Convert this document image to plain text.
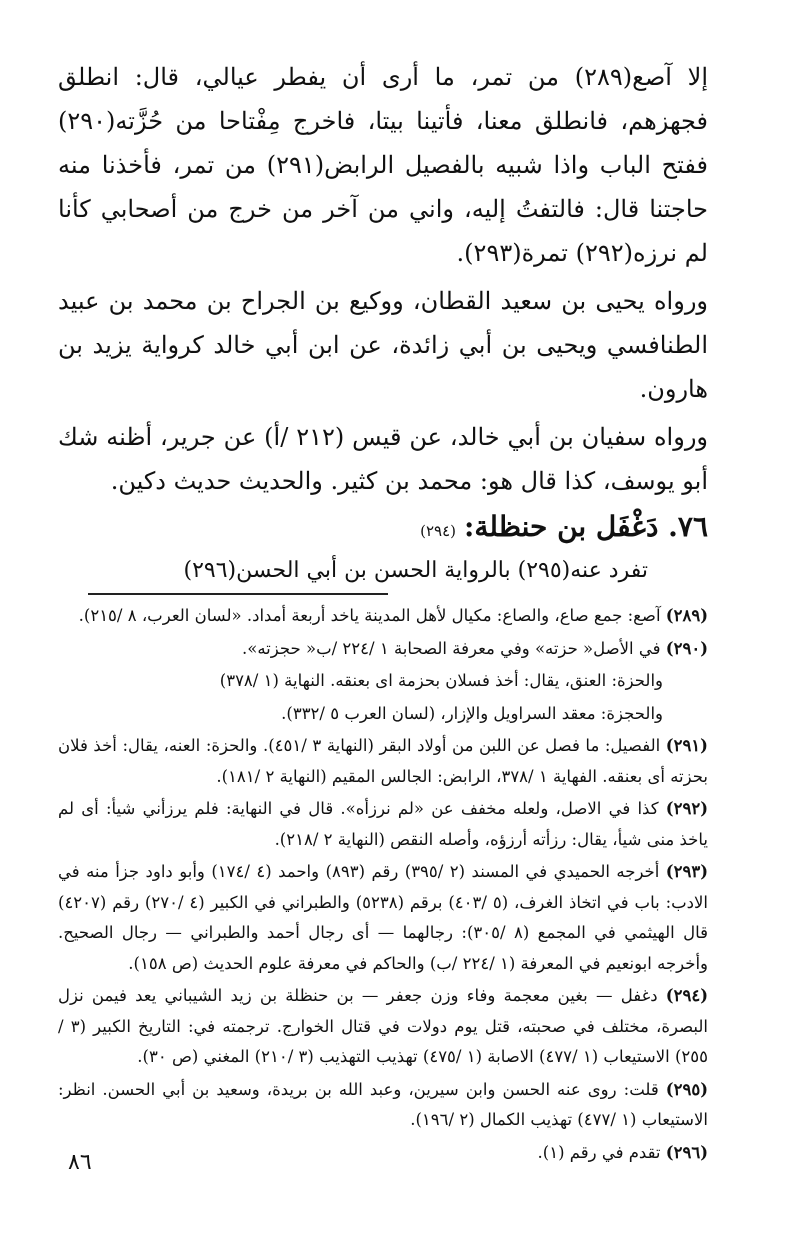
إلا آصع(٢٨٩) من تمر، ما أرى أن يفطر عيالي، قال: انطلق فجهزهم، فانطلق معنا، فأتينا بيتا، فاخرج مِفْتاحا من حُزَّته(٢٩٠) ففتح الباب واذا شبيه بالفصيل الرابض(٢٩١) من تمر، فأخذنا منه حاجتنا قال: فالتفتُ إليه، واني من آخر من خرج من أصحابي كأنا لم نرزه(٢٩٢) تمرة(٢٩٣).

ورواه يحيى بن سعيد القطان، ووكيع بن الجراح بن محمد بن عبيد الطنافسي ويحيى بن أبي زائدة، عن ابن أبي خالد كرواية يزيد بن هارون.

ورواه سفيان بن أبي خالد، عن قيس (٢١٢ /أ) عن جرير، أظنه شك أبو يوسف، كذا قال هو: محمد بن كثير. والحديث حديث دكين.

٧٦. دَغْفَل بن حنظلة:
(٢٩٤)
تفرد عنه(٢٩٥) بالرواية الحسن بن أبي الحسن(٢٩٦)
(٢٨٩) آصع: جمع صاع، والصاع: مكيال لأهل المدينة ياخد أربعة أمداد. «لسان العرب، ٨ /٢١٥).
(٢٩٠) في الأصل« حزته» وفي معرفة الصحابة ١ /٢٢٤ /ب« حجزته».
والحزة: العنق، يقال: أخذ فسلان بحزمة اى بعنقه. النهاية (١ /٣٧٨)
والحجزة: معقد السراويل والإزار، (لسان العرب ٥ /٣٣٢).
(٢٩١) الفصيل: ما فصل عن اللبن من أولاد البقر (النهاية ٣ /٤٥١). والحزة: العنه، يقال: أخذ فلان بحزته أى بعنقه. الفهاية ١ /٣٧٨، الرابض: الجالس المقيم (النهاية ٢ /١٨١).
(٢٩٢) كذا في الاصل، ولعله مخفف عن «لم نرزأه». قال في النهاية: فلم يرزأني شيأ: أى لم ياخذ منى شيأ، يقال: رزأته أرزؤه، وأصله النقص (النهاية ٢ /٢١٨).
(٢٩٣) أخرجه الحميدي في المسند (٢ /٣٩٥) رقم (٨٩٣) واحمد (٤ /١٧٤) وأبو داود جزأ منه في الادب: باب في اتخاذ الغرف، (٥ /٤٠٣) برقم (٥٢٣٨) والطبراني في الكبير (٤ /٢٧٠) رقم (٤٢٠٧) قال الهيثمي في المجمع (٨ /٣٠٥): رجالهما — أى رجال أحمد والطبراني — رجال الصحيح. وأخرجه ابونعيم في المعرفة (١ /٢٢٤ /ب) والحاكم في معرفة علوم الحديث (ص ١٥٨).
(٢٩٤) دغفل — بغين معجمة وفاء وزن جعفر — بن حنظلة بن زيد الشيباني يعد فيمن نزل البصرة، مختلف في صحبته، قتل يوم دولات في قتال الخوارج. ترجمته في: التاريخ الكبير (٣ /٢٥٥) الاستيعاب (١ /٤٧٧) الاصابة (١ /٤٧٥) تهذيب التهذيب (٣ /٢١٠) المغني (ص ٣٠).
(٢٩٥) قلت: روى عنه الحسن وابن سيرين، وعبد الله بن بريدة، وسعيد بن أبي الحسن. انظر: الاستيعاب (١ /٤٧٧) تهذيب الكمال (٢ /١٩٦).
(٢٩٦) تقدم في رقم (١).
٨٦
